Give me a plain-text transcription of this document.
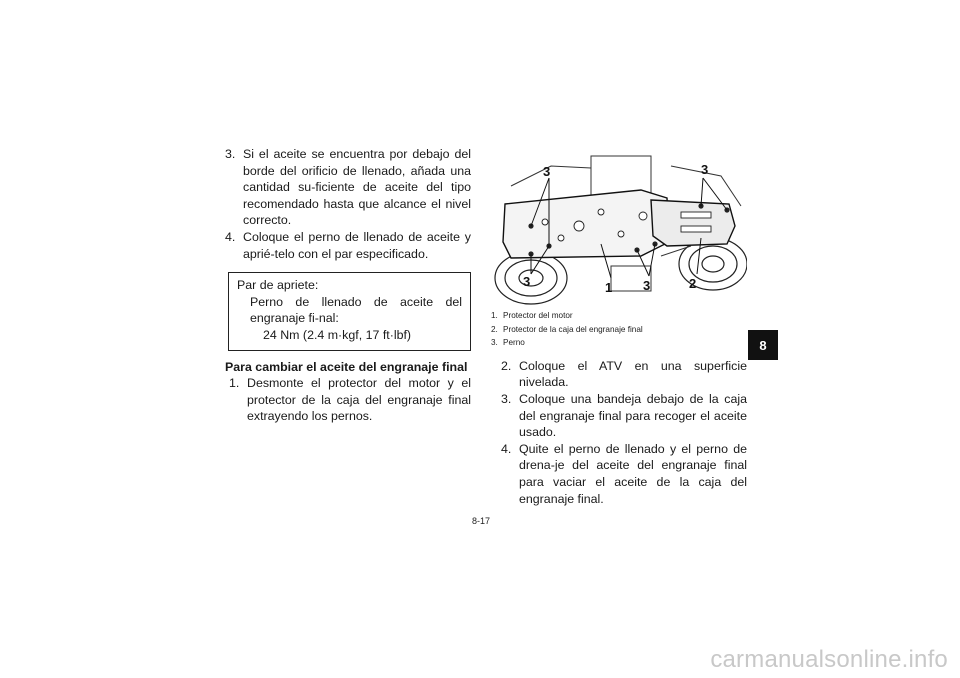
3. Si el aceite se encuentra por debajo del borde del orificio de llenado, añada una cantidad su-ficiente de aceite del tipo recomendado hasta que alcance el nivel correcto.
4. Coloque el perno de llenado de aceite y aprié-telo con el par especificado.
Par de apriete:
Perno de llenado de aceite del engranaje fi-nal:
24 Nm (2.4 m·kgf, 17 ft·lbf)
Para cambiar el aceite del engranaje final
1. Desmonte el protector del motor y el protector de la caja del engranaje final extrayendo los pernos.
3	3
3	1 3	2
1. Protector del motor
2. Protector de la caja del engranaje final
3. Perno
2. Coloque el ATV en una superficie nivelada.
3. Coloque una bandeja debajo de la caja del engranaje final para recoger el aceite usado.
4. Quite el perno de llenado y el perno de drena-je del aceite del engranaje final para vaciar el aceite de la caja del engranaje final.
8
8-17
carmanualsonline.info
